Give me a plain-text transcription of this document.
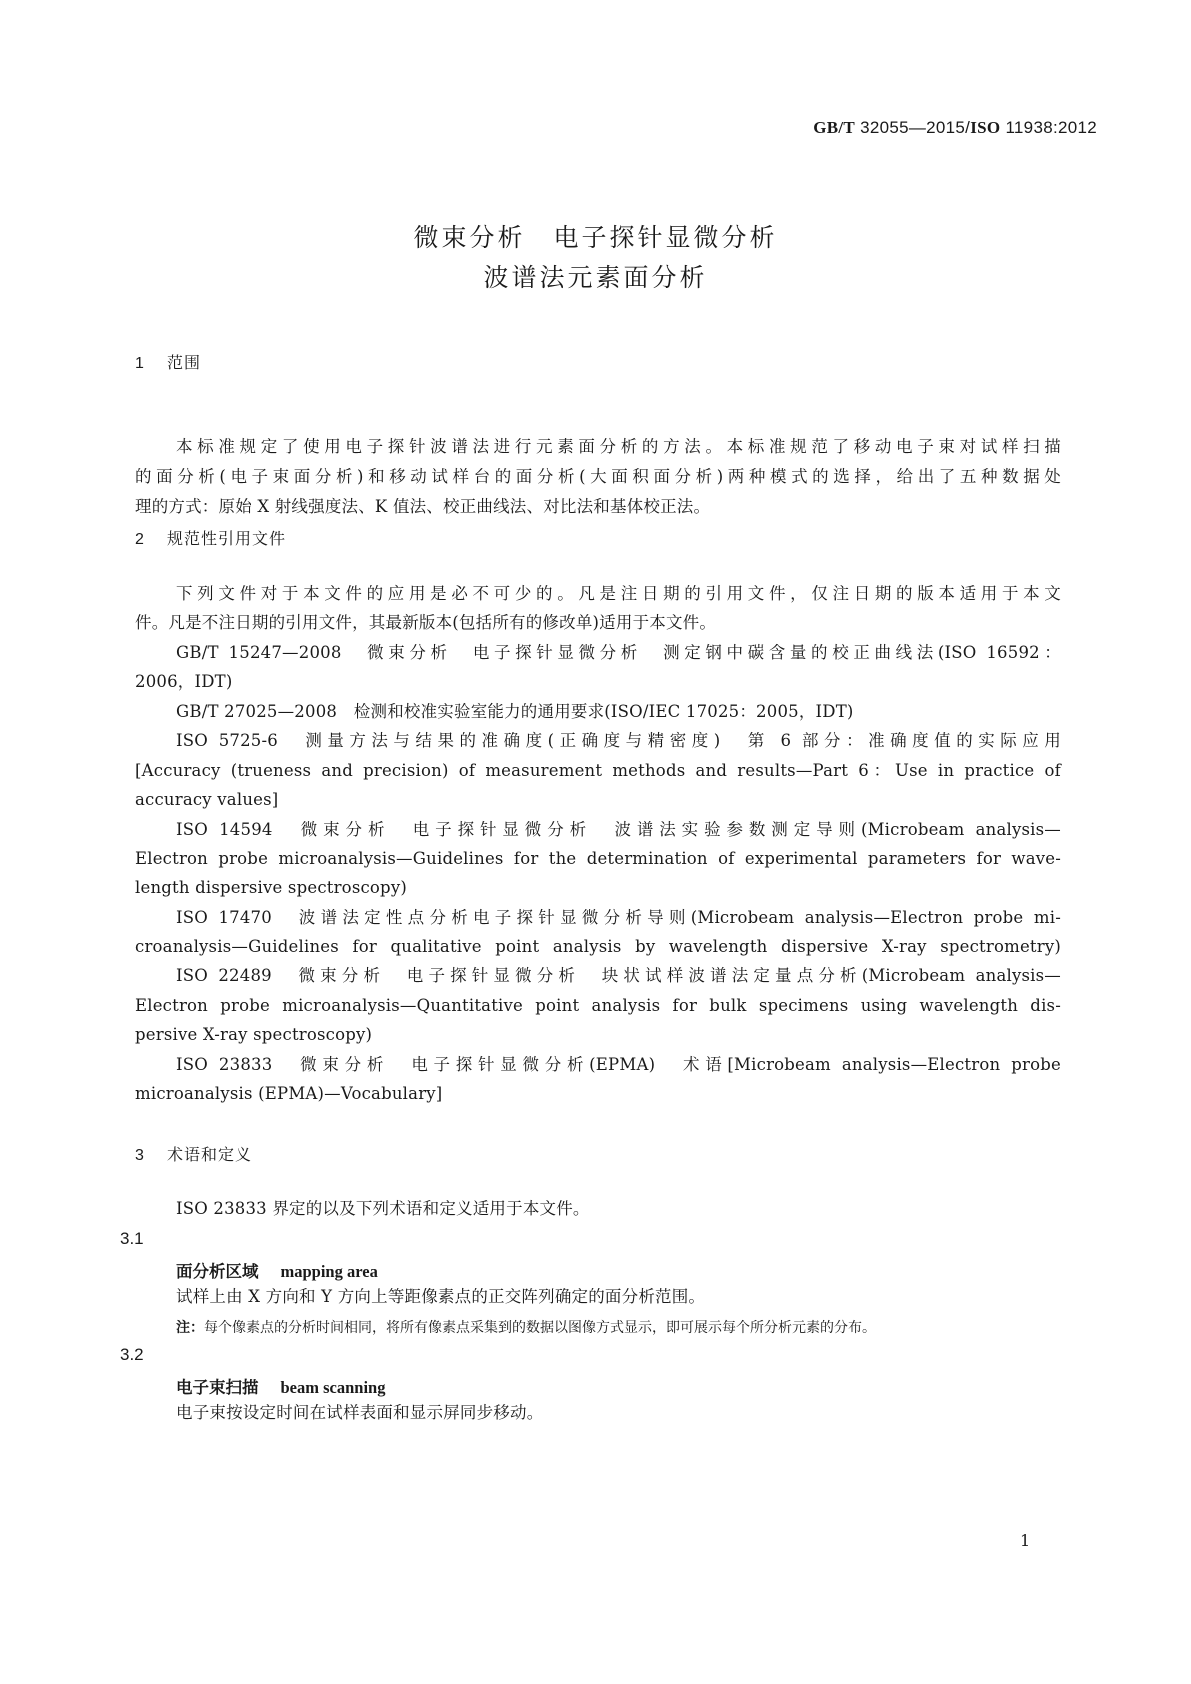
GB/T 32055—2015/ISO 11938:2012
微束分析　电子探针显微分析
波谱法元素面分析
1 范围
本标准规定了使用电子探针波谱法进行元素面分析的方法。本标准规范了移动电子束对试样扫描
的面分析(电子束面分析)和移动试样台的面分析(大面积面分析)两种模式的选择，给出了五种数据处
理的方式：原始 X 射线强度法、K 值法、校正曲线法、对比法和基体校正法。
2 规范性引用文件
下列文件对于本文件的应用是必不可少的。凡是注日期的引用文件，仅注日期的版本适用于本文
件。凡是不注日期的引用文件，其最新版本(包括所有的修改单)适用于本文件。
GB/T 15247—2008　微束分析　电子探针显微分析　测定钢中碳含量的校正曲线法(ISO 16592：
2006，IDT)
GB/T 27025—2008　检测和校准实验室能力的通用要求(ISO/IEC 17025：2005，IDT)
ISO 5725-6　测量方法与结果的准确度(正确度与精密度)　第 6 部分：准确度值的实际应用
[Accuracy (trueness and precision) of measurement methods and results—Part 6：Use in practice of
accuracy values]
ISO 14594　微束分析　电子探针显微分析　波谱法实验参数测定导则(Microbeam analysis—
Electron probe microanalysis—Guidelines for the determination of experimental parameters for wave-
length dispersive spectroscopy)
ISO 17470　波谱法定性点分析电子探针显微分析导则(Microbeam analysis—Electron probe mi-
croanalysis—Guidelines for qualitative point analysis by wavelength dispersive X-ray spectrometry)
ISO 22489　微束分析　电子探针显微分析　块状试样波谱法定量点分析(Microbeam analysis—
Electron probe microanalysis—Quantitative point analysis for bulk specimens using wavelength dis-
persive X-ray spectroscopy)
ISO 23833　微束分析　电子探针显微分析(EPMA)　术语[Microbeam analysis—Electron probe
microanalysis (EPMA)—Vocabulary]
3 术语和定义
ISO 23833 界定的以及下列术语和定义适用于本文件。
3.1
面分析区域 mapping area
试样上由 X 方向和 Y 方向上等距像素点的正交阵列确定的面分析范围。
注：每个像素点的分析时间相同，将所有像素点采集到的数据以图像方式显示，即可展示每个所分析元素的分布。
3.2
电子束扫描 beam scanning
电子束按设定时间在试样表面和显示屏同步移动。
1
